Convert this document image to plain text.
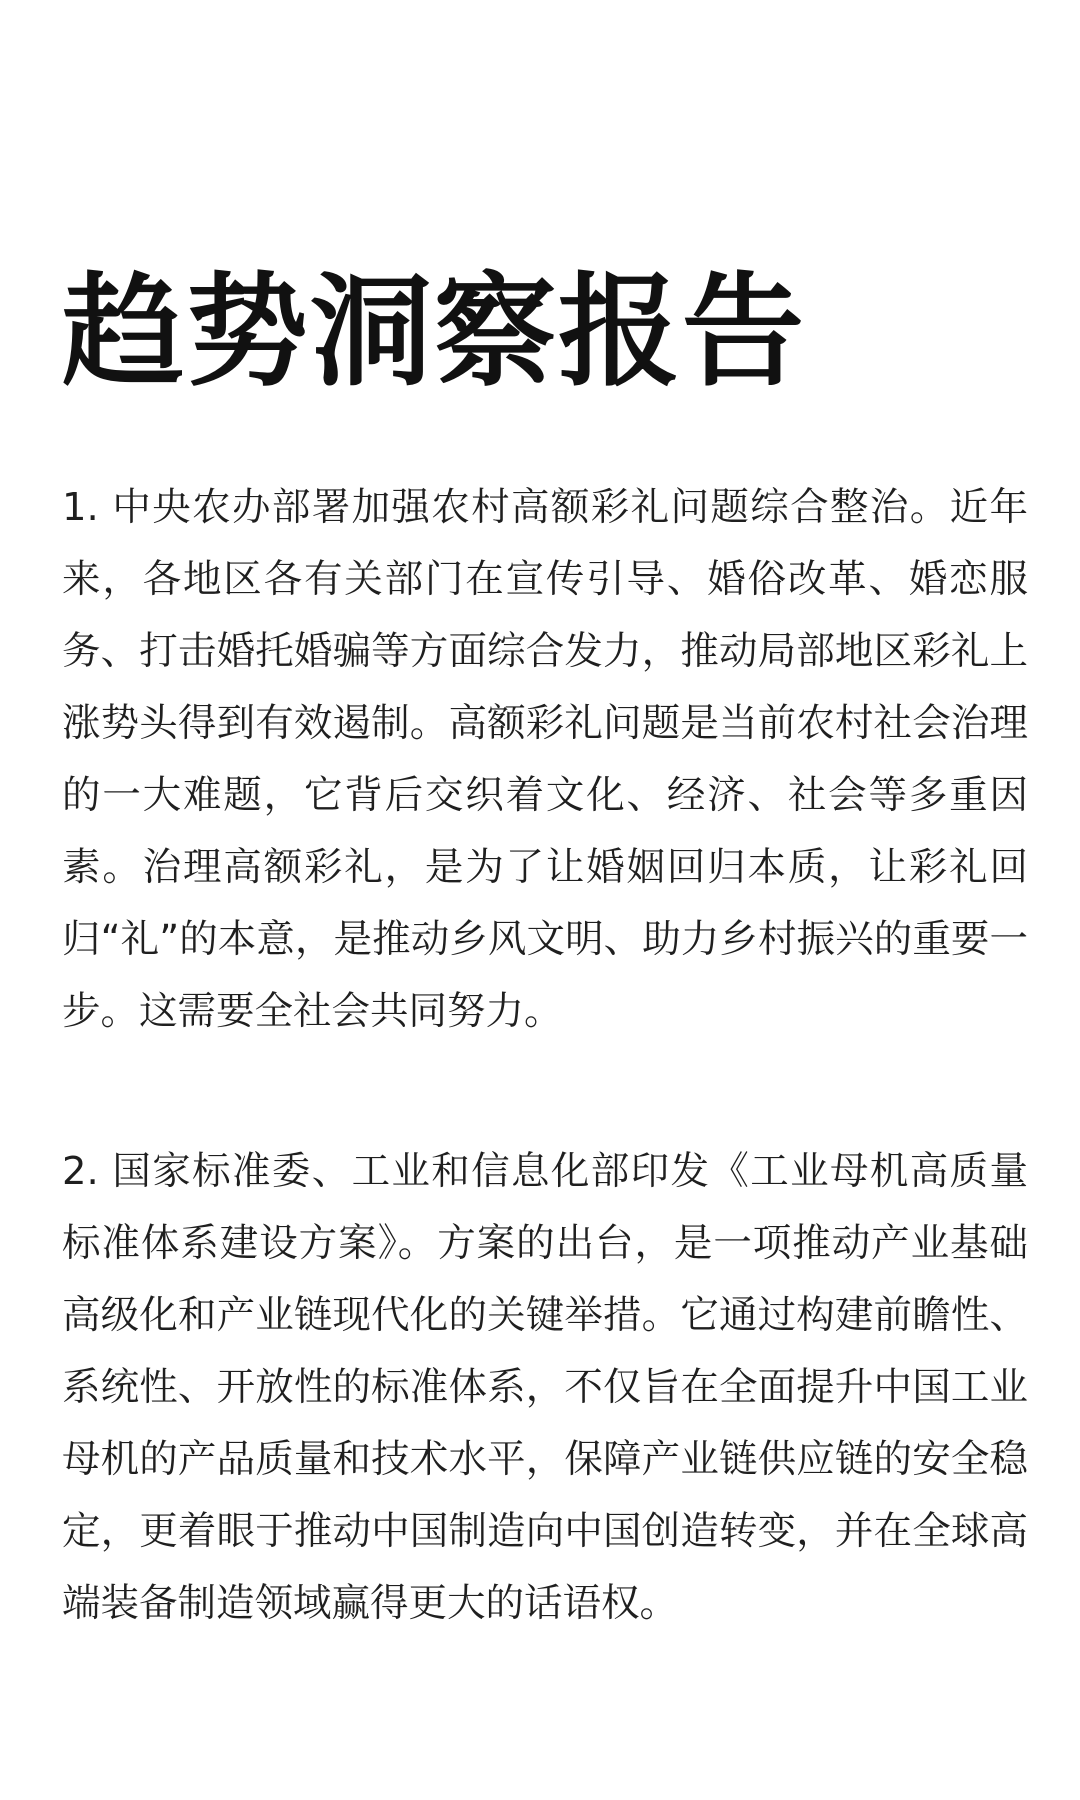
趋势洞察报告

1. 中央农办部署加强农村高额彩礼问题综合整治。近年来，各地区各有关部门在宣传引导、婚俗改革、婚恋服务、打击婚托婚骗等方面综合发力，推动局部地区彩礼上涨势头得到有效遏制。高额彩礼问题是当前农村社会治理的一大难题，它背后交织着文化、经济、社会等多重因素。治理高额彩礼，是为了让婚姻回归本质，让彩礼回归“礼”的本意，是推动乡风文明、助力乡村振兴的重要一步。这需要全社会共同努力。

2. 国家标准委、工业和信息化部印发《工业母机高质量标准体系建设方案》。方案的出台，是一项推动产业基础高级化和产业链现代化的关键举措。它通过构建前瞻性、系统性、开放性的标准体系，不仅旨在全面提升中国工业母机的产品质量和技术水平，保障产业链供应链的安全稳定，更着眼于推动中国制造向中国创造转变，并在全球高端装备制造领域赢得更大的话语权。
